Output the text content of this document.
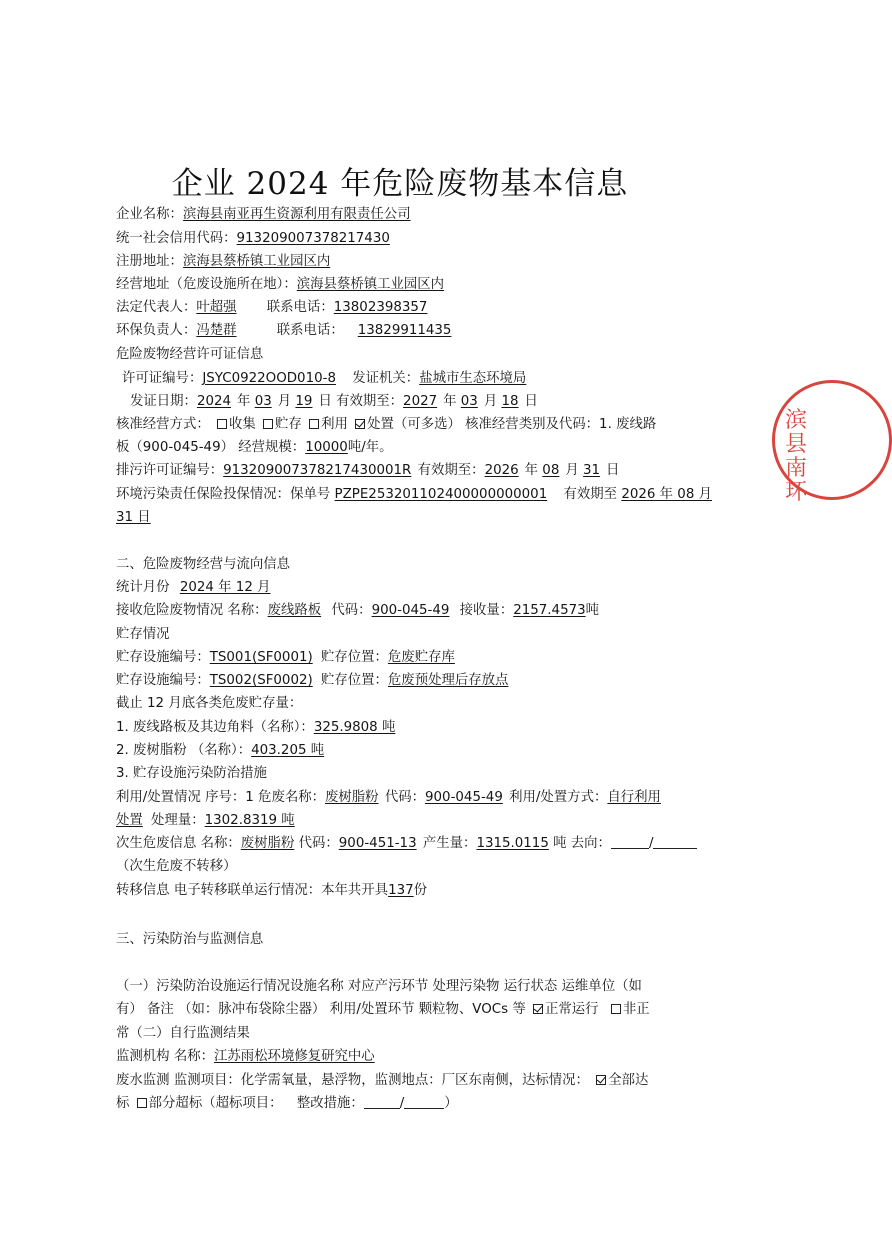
企业 2024 年危险废物基本信息
企业名称：滨海县南亚再生资源利用有限责任公司
统一社会信用代码：913209007378217430
注册地址：滨海县蔡桥镇工业园区内
经营地址（危废设施所在地）：滨海县蔡桥镇工业园区内
法定代表人：叶超强 联系电话：13802398357
环保负责人：冯楚群	联系电话： 13829911435
危险废物经营许可证信息
许可证编号：JSYC0922OOD010-8 发证机关：盐城市生态环境局
发证日期：2024 年 03 月 19 日 有效期至：2027 年 03 月 18 日
核准经营方式： 收集 贮存 利用 处置（可多选） 核准经营类别及代码：1. 废线路
板（900-045-49） 经营规模：10000吨/年。
排污许可证编号：913209007378217430001R 有效期至：2026 年 08 月 31 日
环境污染责任保险投保情况：保单号 PZPE253201102400000000001 有效期至 2026 年 08 月
31 日
二、危险废物经营与流向信息
统计月份 2024 年 12 月
接收危险废物情况 名称：废线路板 代码：900-045-49 接收量：2157.4573吨
贮存情况
贮存设施编号：TS001(SF0001) 贮存位置：危废贮存库
贮存设施编号：TS002(SF0002) 贮存位置：危废预处理后存放点
截止 12 月底各类危废贮存量：
1. 废线路板及其边角料（名称）：325.9808 吨
2. 废树脂粉 （名称）：403.205 吨
3. 贮存设施污染防治措施
利用/处置情况 序号：1 危废名称：废树脂粉 代码：900-045-49 利用/处置方式：自行利用
处置 处理量：1302.8319 吨
次生危废信息 名称：废树脂粉 代码：900-451-13 产生量：1315.0115 吨 去向：	/
（次生危废不转移）
转移信息 电子转移联单运行情况：本年共开具137份
三、污染防治与监测信息
（一）污染防治设施运行情况设施名称 对应产污环节 处理污染物 运行状态 运维单位（如
有） 备注 （如：脉冲布袋除尘器） 利用/处置环节 颗粒物、VOCs 等 正常运行 非正
常（二）自行监测结果
监测机构 名称：江苏雨松环境修复研究中心
废水监测 监测项目：化学需氧量，悬浮物，监测地点：厂区东南侧，达标情况： 全部达
标 部分超标（超标项目： 整改措施：	/	）
滨
县
南
环
